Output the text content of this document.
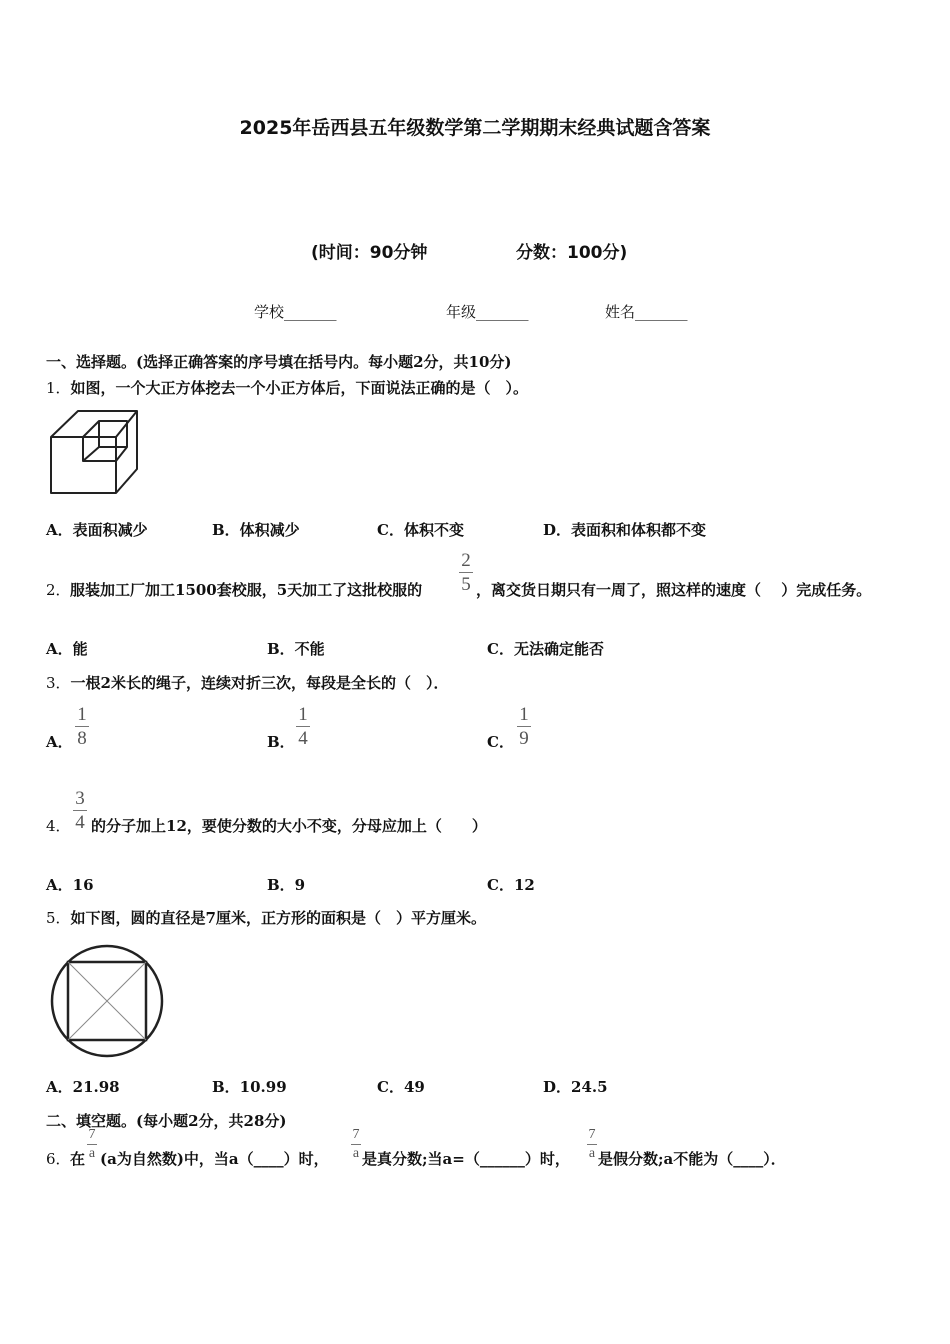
2025年岳西县五年级数学第二学期期末经典试题含答案
(时间：90分钟	分数：100分)
学校_______	年级_______	姓名_______
一、选择题。(选择正确答案的序号填在括号内。每小题2分，共10分)
1．如图，一个大正方体挖去一个小正方体后，下面说法正确的是（　）。
A．表面积减少	B．体积减少	C．体积不变	D．表面积和体积都不变
2． 服装加工厂加工1500套校服，5天加工了这批校服的
2
5 ，离交货日期只有一周了，照这样的速度（　 ）完成任务。
A．能	B．不能	C．无法确定能否
3．一根2米长的绳子，连续对折三次，每段是全长的（　）．
A．
1
8	B．
1
4	C．
1
9
4．
3
4 的分子加上12，要使分数的大小不变，分母应加上（　　）
A．16	B．9	C．12
5．如下图，圆的直径是7厘米，正方形的面积是（　）平方厘米。
A．21.98	B．10.99	C．49	D．24.5
二、填空题。(每小题2分，共28分)
6． 在
7
a (a为自然数)中，当a（____）时，
7
a 是真分数;当a=（______）时，
7
a 是假分数;a不能为（____）．
